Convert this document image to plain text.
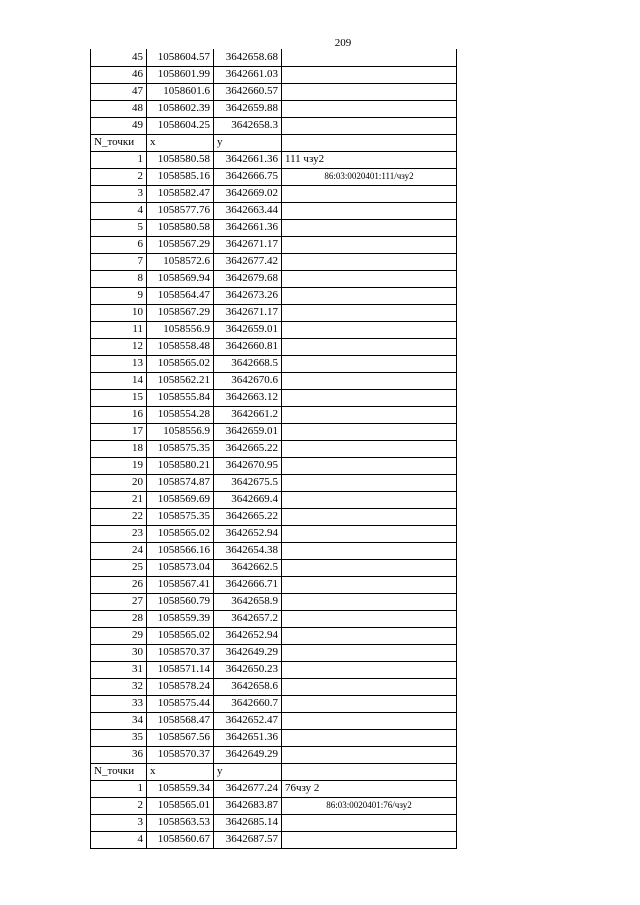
209
45	1058604.57	3642658.68	
46	1058601.99	3642661.03	
47	1058601.6	3642660.57	
48	1058602.39	3642659.88	
49	1058604.25	3642658.3	
N_точки	x	y	
1	1058580.58	3642661.36	111 чзу2
2	1058585.16	3642666.75	86:03:0020401:111/чзу2
3	1058582.47	3642669.02	
4	1058577.76	3642663.44	
5	1058580.58	3642661.36	
6	1058567.29	3642671.17	
7	1058572.6	3642677.42	
8	1058569.94	3642679.68	
9	1058564.47	3642673.26	
10	1058567.29	3642671.17	
11	1058556.9	3642659.01	
12	1058558.48	3642660.81	
13	1058565.02	3642668.5	
14	1058562.21	3642670.6	
15	1058555.84	3642663.12	
16	1058554.28	3642661.2	
17	1058556.9	3642659.01	
18	1058575.35	3642665.22	
19	1058580.21	3642670.95	
20	1058574.87	3642675.5	
21	1058569.69	3642669.4	
22	1058575.35	3642665.22	
23	1058565.02	3642652.94	
24	1058566.16	3642654.38	
25	1058573.04	3642662.5	
26	1058567.41	3642666.71	
27	1058560.79	3642658.9	
28	1058559.39	3642657.2	
29	1058565.02	3642652.94	
30	1058570.37	3642649.29	
31	1058571.14	3642650.23	
32	1058578.24	3642658.6	
33	1058575.44	3642660.7	
34	1058568.47	3642652.47	
35	1058567.56	3642651.36	
36	1058570.37	3642649.29	
N_точки	x	y	
1	1058559.34	3642677.24	76чзу 2
2	1058565.01	3642683.87	86:03:0020401:76/чзу2
3	1058563.53	3642685.14	
4	1058560.67	3642687.57	
